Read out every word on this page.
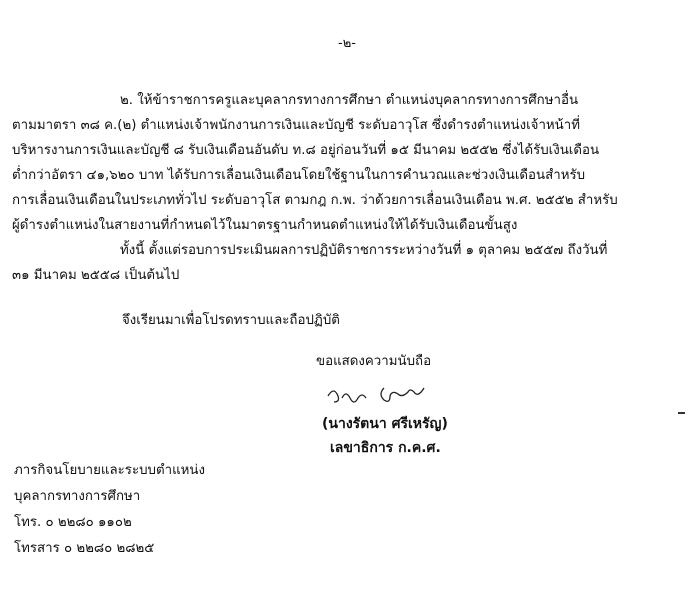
-๒-
๒. ให้ข้าราชการครูและบุคลากรทางการศึกษา ตำแหน่งบุคลากรทางการศึกษาอื่น
ตามมาตรา ๓๘ ค.(๒) ตำแหน่งเจ้าพนักงานการเงินและบัญชี ระดับอาวุโส ซึ่งดำรงตำแหน่งเจ้าหน้าที่
บริหารงานการเงินและบัญชี ๘ รับเงินเดือนอันดับ ท.๘ อยู่ก่อนวันที่ ๑๕ มีนาคม ๒๕๕๒ ซึ่งได้รับเงินเดือน
ต่ำกว่าอัตรา ๔๑,๖๒๐ บาท ได้รับการเลื่อนเงินเดือนโดยใช้ฐานในการคำนวณและช่วงเงินเดือนสำหรับ
การเลื่อนเงินเดือนในประเภททั่วไป ระดับอาวุโส ตามกฎ ก.พ. ว่าด้วยการเลื่อนเงินเดือน พ.ศ. ๒๕๕๒ สำหรับ
ผู้ดำรงตำแหน่งในสายงานที่กำหนดไว้ในมาตรฐานกำหนดตำแหน่งให้ได้รับเงินเดือนขั้นสูง
ทั้งนี้ ตั้งแต่รอบการประเมินผลการปฏิบัติราชการระหว่างวันที่ ๑ ตุลาคม ๒๕๕๗ ถึงวันที่
๓๑ มีนาคม ๒๕๕๘ เป็นต้นไป
จึงเรียนมาเพื่อโปรดทราบและถือปฏิบัติ
ขอแสดงความนับถือ
(นางรัตนา ศรีเหรัญ)
เลขาธิการ ก.ค.ศ.
ภารกิจนโยบายและระบบตำแหน่ง
บุคลากรทางการศึกษา
โทร. ๐ ๒๒๘๐ ๑๑๐๒
โทรสาร ๐ ๒๒๘๐ ๒๘๒๕
